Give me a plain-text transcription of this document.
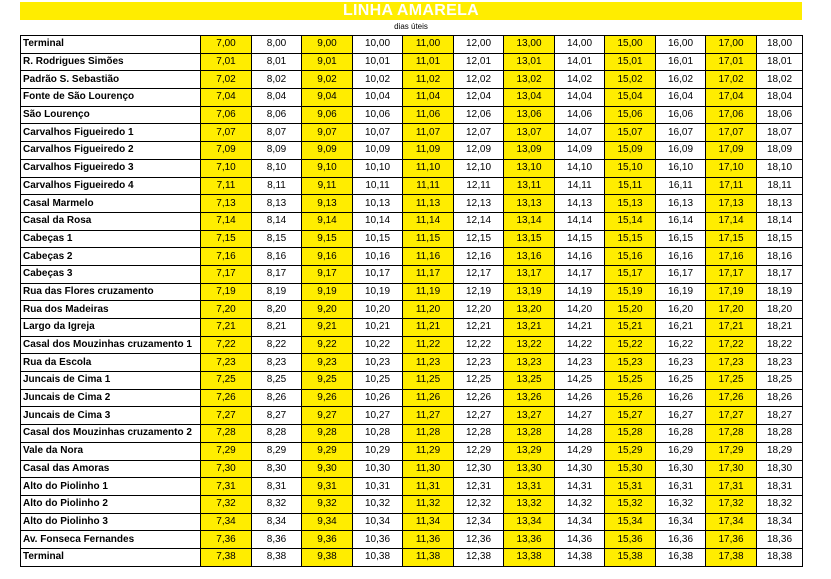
LINHA AMARELA
dias úteis
Terminal	7,00	8,00	9,00	10,00	11,00	12,00	13,00	14,00	15,00	16,00	17,00	18,00
R. Rodrigues Simões	7,01	8,01	9,01	10,01	11,01	12,01	13,01	14,01	15,01	16,01	17,01	18,01
Padrão S. Sebastião	7,02	8,02	9,02	10,02	11,02	12,02	13,02	14,02	15,02	16,02	17,02	18,02
Fonte de São Lourenço	7,04	8,04	9,04	10,04	11,04	12,04	13,04	14,04	15,04	16,04	17,04	18,04
São Lourenço	7,06	8,06	9,06	10,06	11,06	12,06	13,06	14,06	15,06	16,06	17,06	18,06
Carvalhos Figueiredo 1	7,07	8,07	9,07	10,07	11,07	12,07	13,07	14,07	15,07	16,07	17,07	18,07
Carvalhos Figueiredo 2	7,09	8,09	9,09	10,09	11,09	12,09	13,09	14,09	15,09	16,09	17,09	18,09
Carvalhos Figueiredo 3	7,10	8,10	9,10	10,10	11,10	12,10	13,10	14,10	15,10	16,10	17,10	18,10
Carvalhos Figueiredo 4	7,11	8,11	9,11	10,11	11,11	12,11	13,11	14,11	15,11	16,11	17,11	18,11
Casal Marmelo	7,13	8,13	9,13	10,13	11,13	12,13	13,13	14,13	15,13	16,13	17,13	18,13
Casal da Rosa	7,14	8,14	9,14	10,14	11,14	12,14	13,14	14,14	15,14	16,14	17,14	18,14
Cabeças 1	7,15	8,15	9,15	10,15	11,15	12,15	13,15	14,15	15,15	16,15	17,15	18,15
Cabeças 2	7,16	8,16	9,16	10,16	11,16	12,16	13,16	14,16	15,16	16,16	17,16	18,16
Cabeças 3	7,17	8,17	9,17	10,17	11,17	12,17	13,17	14,17	15,17	16,17	17,17	18,17
Rua das Flores cruzamento	7,19	8,19	9,19	10,19	11,19	12,19	13,19	14,19	15,19	16,19	17,19	18,19
Rua dos Madeiras	7,20	8,20	9,20	10,20	11,20	12,20	13,20	14,20	15,20	16,20	17,20	18,20
Largo da Igreja	7,21	8,21	9,21	10,21	11,21	12,21	13,21	14,21	15,21	16,21	17,21	18,21
Casal dos Mouzinhas cruzamento 1	7,22	8,22	9,22	10,22	11,22	12,22	13,22	14,22	15,22	16,22	17,22	18,22
Rua da Escola	7,23	8,23	9,23	10,23	11,23	12,23	13,23	14,23	15,23	16,23	17,23	18,23
Juncais de Cima 1	7,25	8,25	9,25	10,25	11,25	12,25	13,25	14,25	15,25	16,25	17,25	18,25
Juncais de Cima 2	7,26	8,26	9,26	10,26	11,26	12,26	13,26	14,26	15,26	16,26	17,26	18,26
Juncais de Cima 3	7,27	8,27	9,27	10,27	11,27	12,27	13,27	14,27	15,27	16,27	17,27	18,27
Casal dos Mouzinhas cruzamento 2	7,28	8,28	9,28	10,28	11,28	12,28	13,28	14,28	15,28	16,28	17,28	18,28
Vale da Nora	7,29	8,29	9,29	10,29	11,29	12,29	13,29	14,29	15,29	16,29	17,29	18,29
Casal das Amoras	7,30	8,30	9,30	10,30	11,30	12,30	13,30	14,30	15,30	16,30	17,30	18,30
Alto do Piolinho 1	7,31	8,31	9,31	10,31	11,31	12,31	13,31	14,31	15,31	16,31	17,31	18,31
Alto do Piolinho 2	7,32	8,32	9,32	10,32	11,32	12,32	13,32	14,32	15,32	16,32	17,32	18,32
Alto do Piolinho 3	7,34	8,34	9,34	10,34	11,34	12,34	13,34	14,34	15,34	16,34	17,34	18,34
Av. Fonseca Fernandes	7,36	8,36	9,36	10,36	11,36	12,36	13,36	14,36	15,36	16,36	17,36	18,36
Terminal	7,38	8,38	9,38	10,38	11,38	12,38	13,38	14,38	15,38	16,38	17,38	18,38
